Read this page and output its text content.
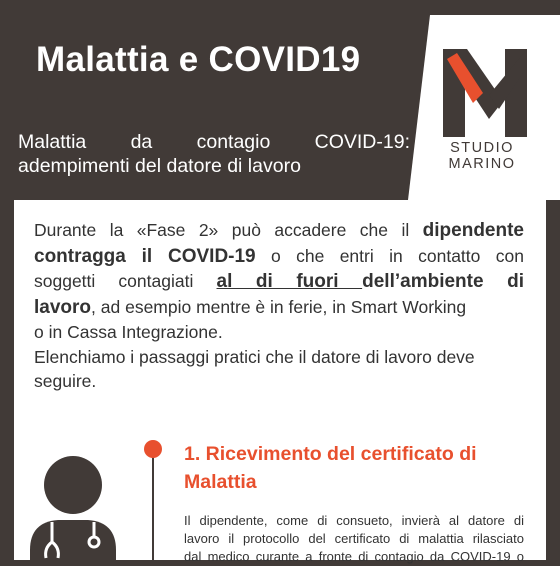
Malattia e COVID19
Malattia da contagio COVID-19:
adempimenti del datore di lavoro
STUDIO
MARINO

Durante la «Fase 2» può accadere che il dipendente

contragga il COVID-19 o che entri in contatto con

soggetti contagiati al di fuori dell’ambiente di

lavoro, ad esempio mentre è in ferie, in Smart Working

o in Cassa Integrazione.

Elenchiamo i passaggi pratici che il datore di lavoro deve seguire.

1. Ricevimento del certificato di Malattia
Il dipendente, come di consueto, invierà al datore di
lavoro il protocollo del certificato di malattia rilasciato
dal medico curante a fronte di contagio da COVID-19 o
